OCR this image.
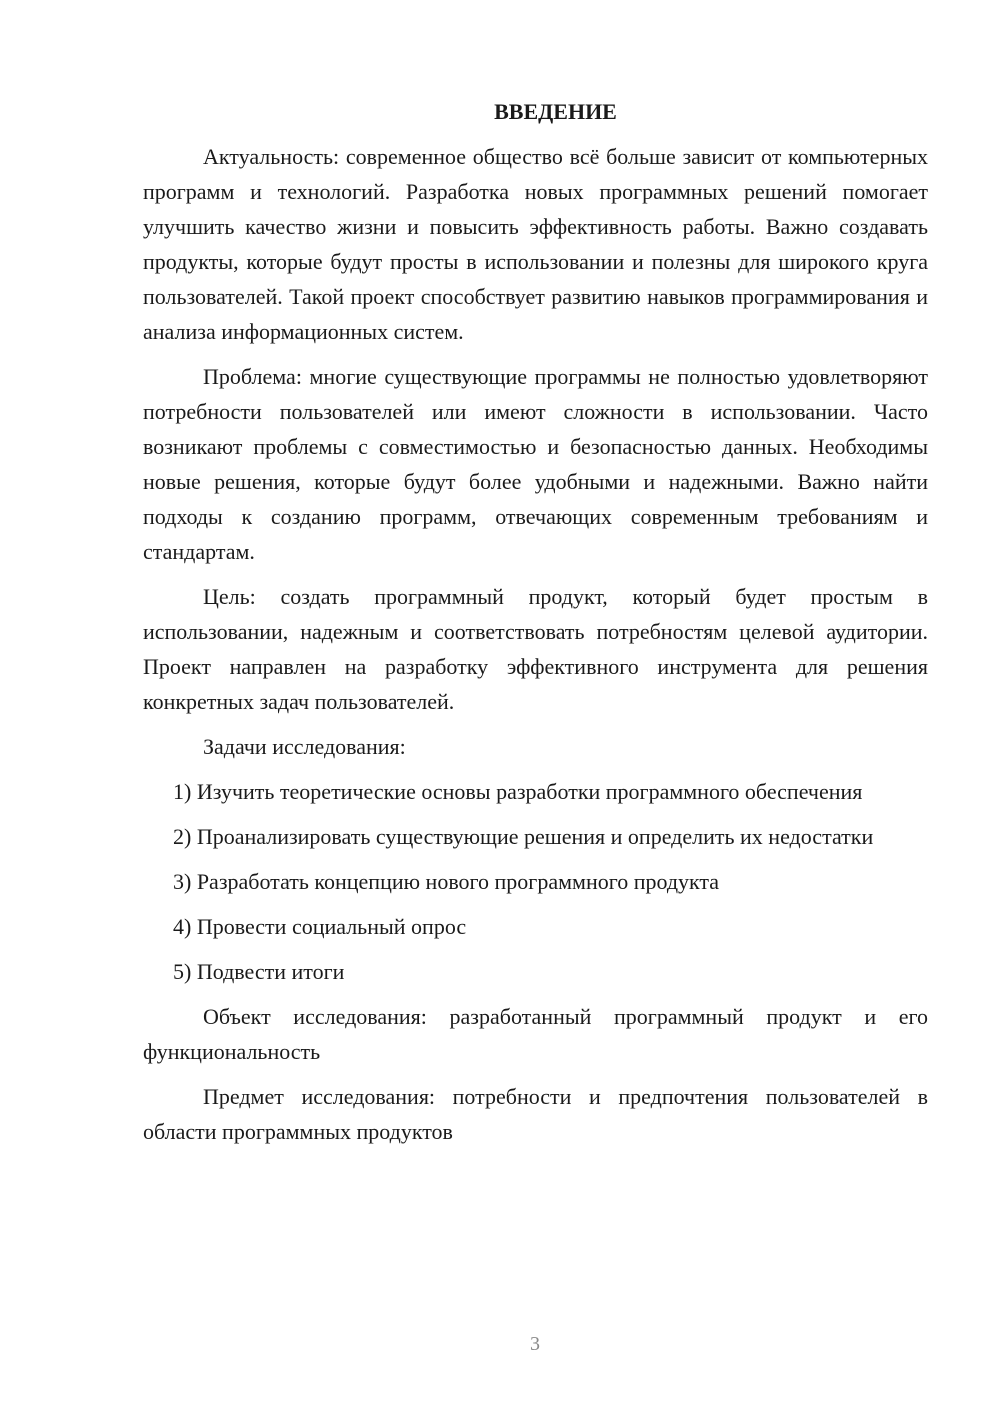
ВВЕДЕНИЕ

Актуальность: современное общество всё больше зависит от компьютерных программ и технологий. Разработка новых программных решений помогает улучшить качество жизни и повысить эффективность работы. Важно создавать продукты, которые будут просты в использовании и полезны для широкого круга пользователей. Такой проект способствует развитию навыков программирования и анализа информационных систем.

Проблема: многие существующие программы не полностью удовлетворяют потребности пользователей или имеют сложности в использовании. Часто возникают проблемы с совместимостью и безопасностью данных. Необходимы новые решения, которые будут более удобными и надежными. Важно найти подходы к созданию программ, отвечающих современным требованиям и стандартам.

Цель: создать программный продукт, который будет простым в использовании, надежным и соответствовать потребностям целевой аудитории. Проект направлен на разработку эффективного инструмента для решения конкретных задач пользователей.

Задачи исследования:

1) Изучить теоретические основы разработки программного обеспечения

2) Проанализировать существующие решения и определить их недостатки

3) Разработать концепцию нового программного продукта

4) Провести социальный опрос

5) Подвести итоги

Объект исследования: разработанный программный продукт и его функциональность

Предмет исследования: потребности и предпочтения пользователей в области программных продуктов

3
